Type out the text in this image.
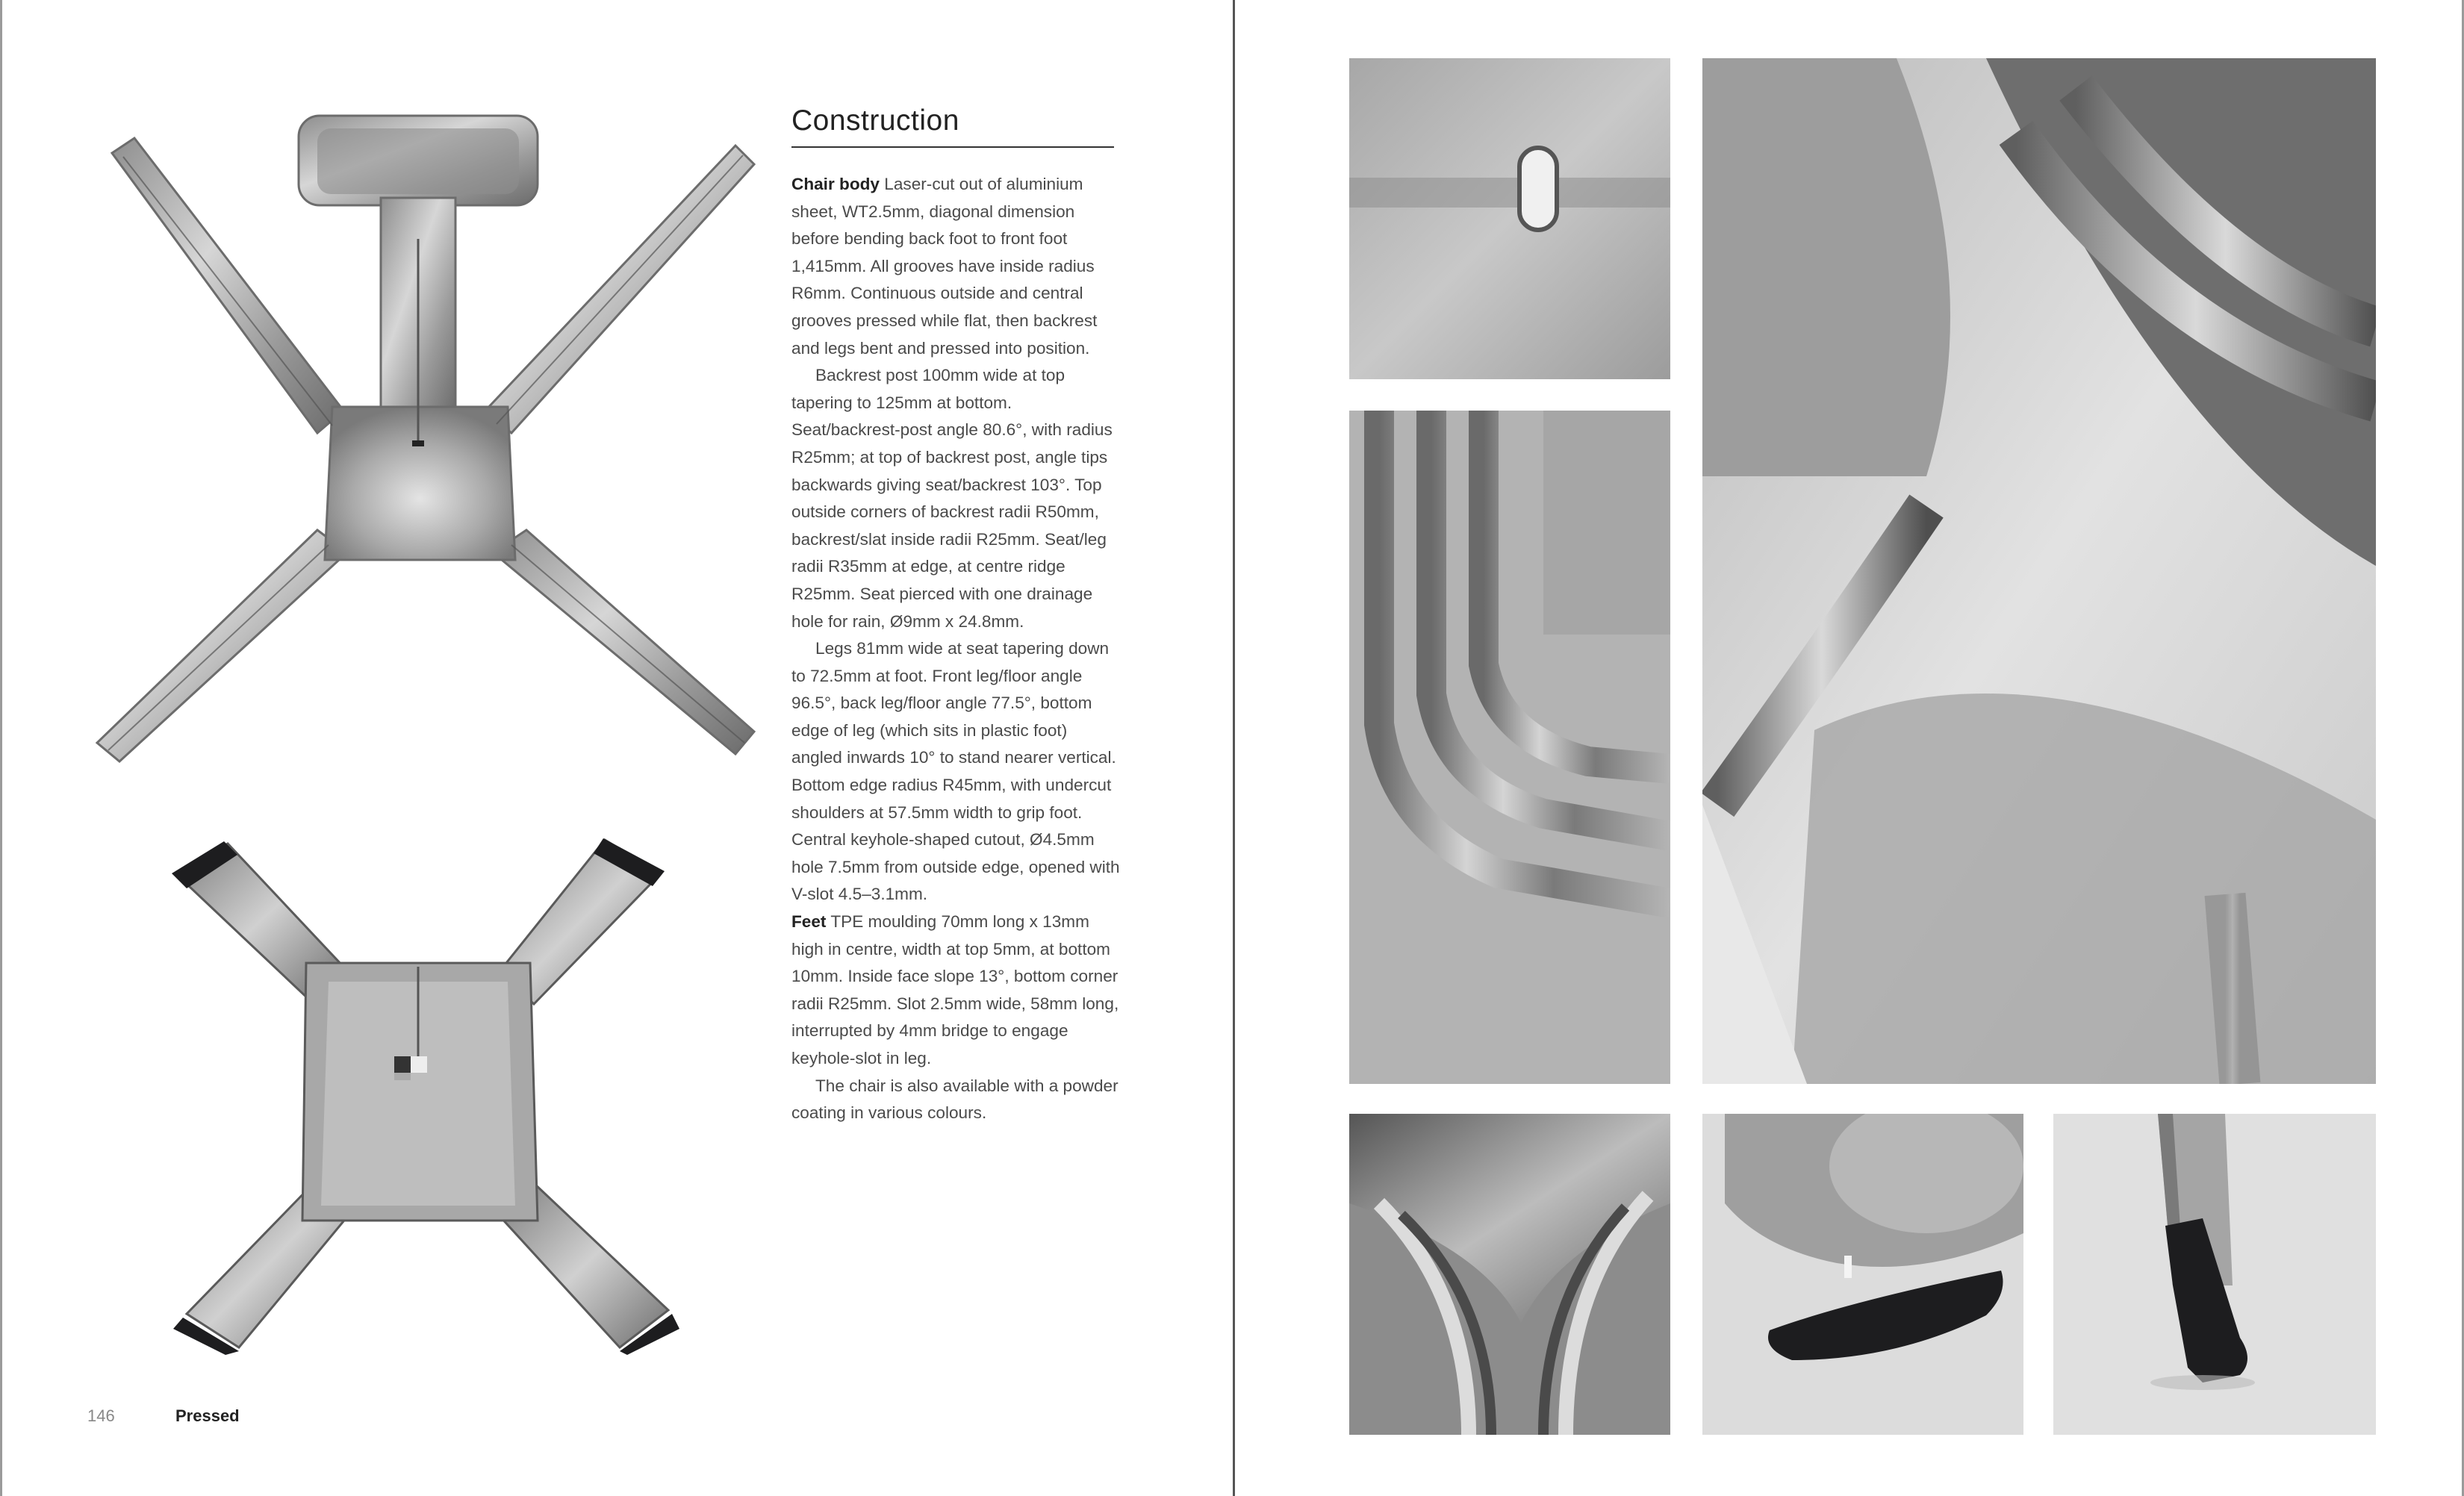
Construction

Chair body Laser-cut out of aluminium sheet, WT2.5mm, diagonal dimension before bending back foot to front foot 1,415mm. All grooves have inside radius R6mm. Continuous outside and central grooves pressed while flat, then backrest and legs bent and pressed into position.

Backrest post 100mm wide at top tapering to 125mm at bottom. Seat/backrest-post angle 80.6°, with radius R25mm; at top of backrest post, angle tips backwards giving seat/backrest 103°. Top outside corners of backrest radii R50mm, backrest/slat inside radii R25mm. Seat/leg radii R35mm at edge, at centre ridge R25mm. Seat pierced with one drainage hole for rain, Ø9mm x 24.8mm.

Legs 81mm wide at seat tapering down to 72.5mm at foot. Front leg/floor angle 96.5°, back leg/floor angle 77.5°, bottom edge of leg (which sits in plastic foot) angled inwards 10° to stand nearer vertical. Bottom edge radius R45mm, with undercut shoulders at 57.5mm width to grip foot. Central keyhole-shaped cutout, Ø4.5mm hole 7.5mm from outside edge, opened with V-slot 4.5–3.1mm.

Feet TPE moulding 70mm long x 13mm high in centre, width at top 5mm, at bottom 10mm. Inside face slope 13°, bottom corner radii R25mm. Slot 2.5mm wide, 58mm long, interrupted by 4mm bridge to engage keyhole-slot in leg.

The chair is also available with a powder coating in various colours.

146	Pressed
